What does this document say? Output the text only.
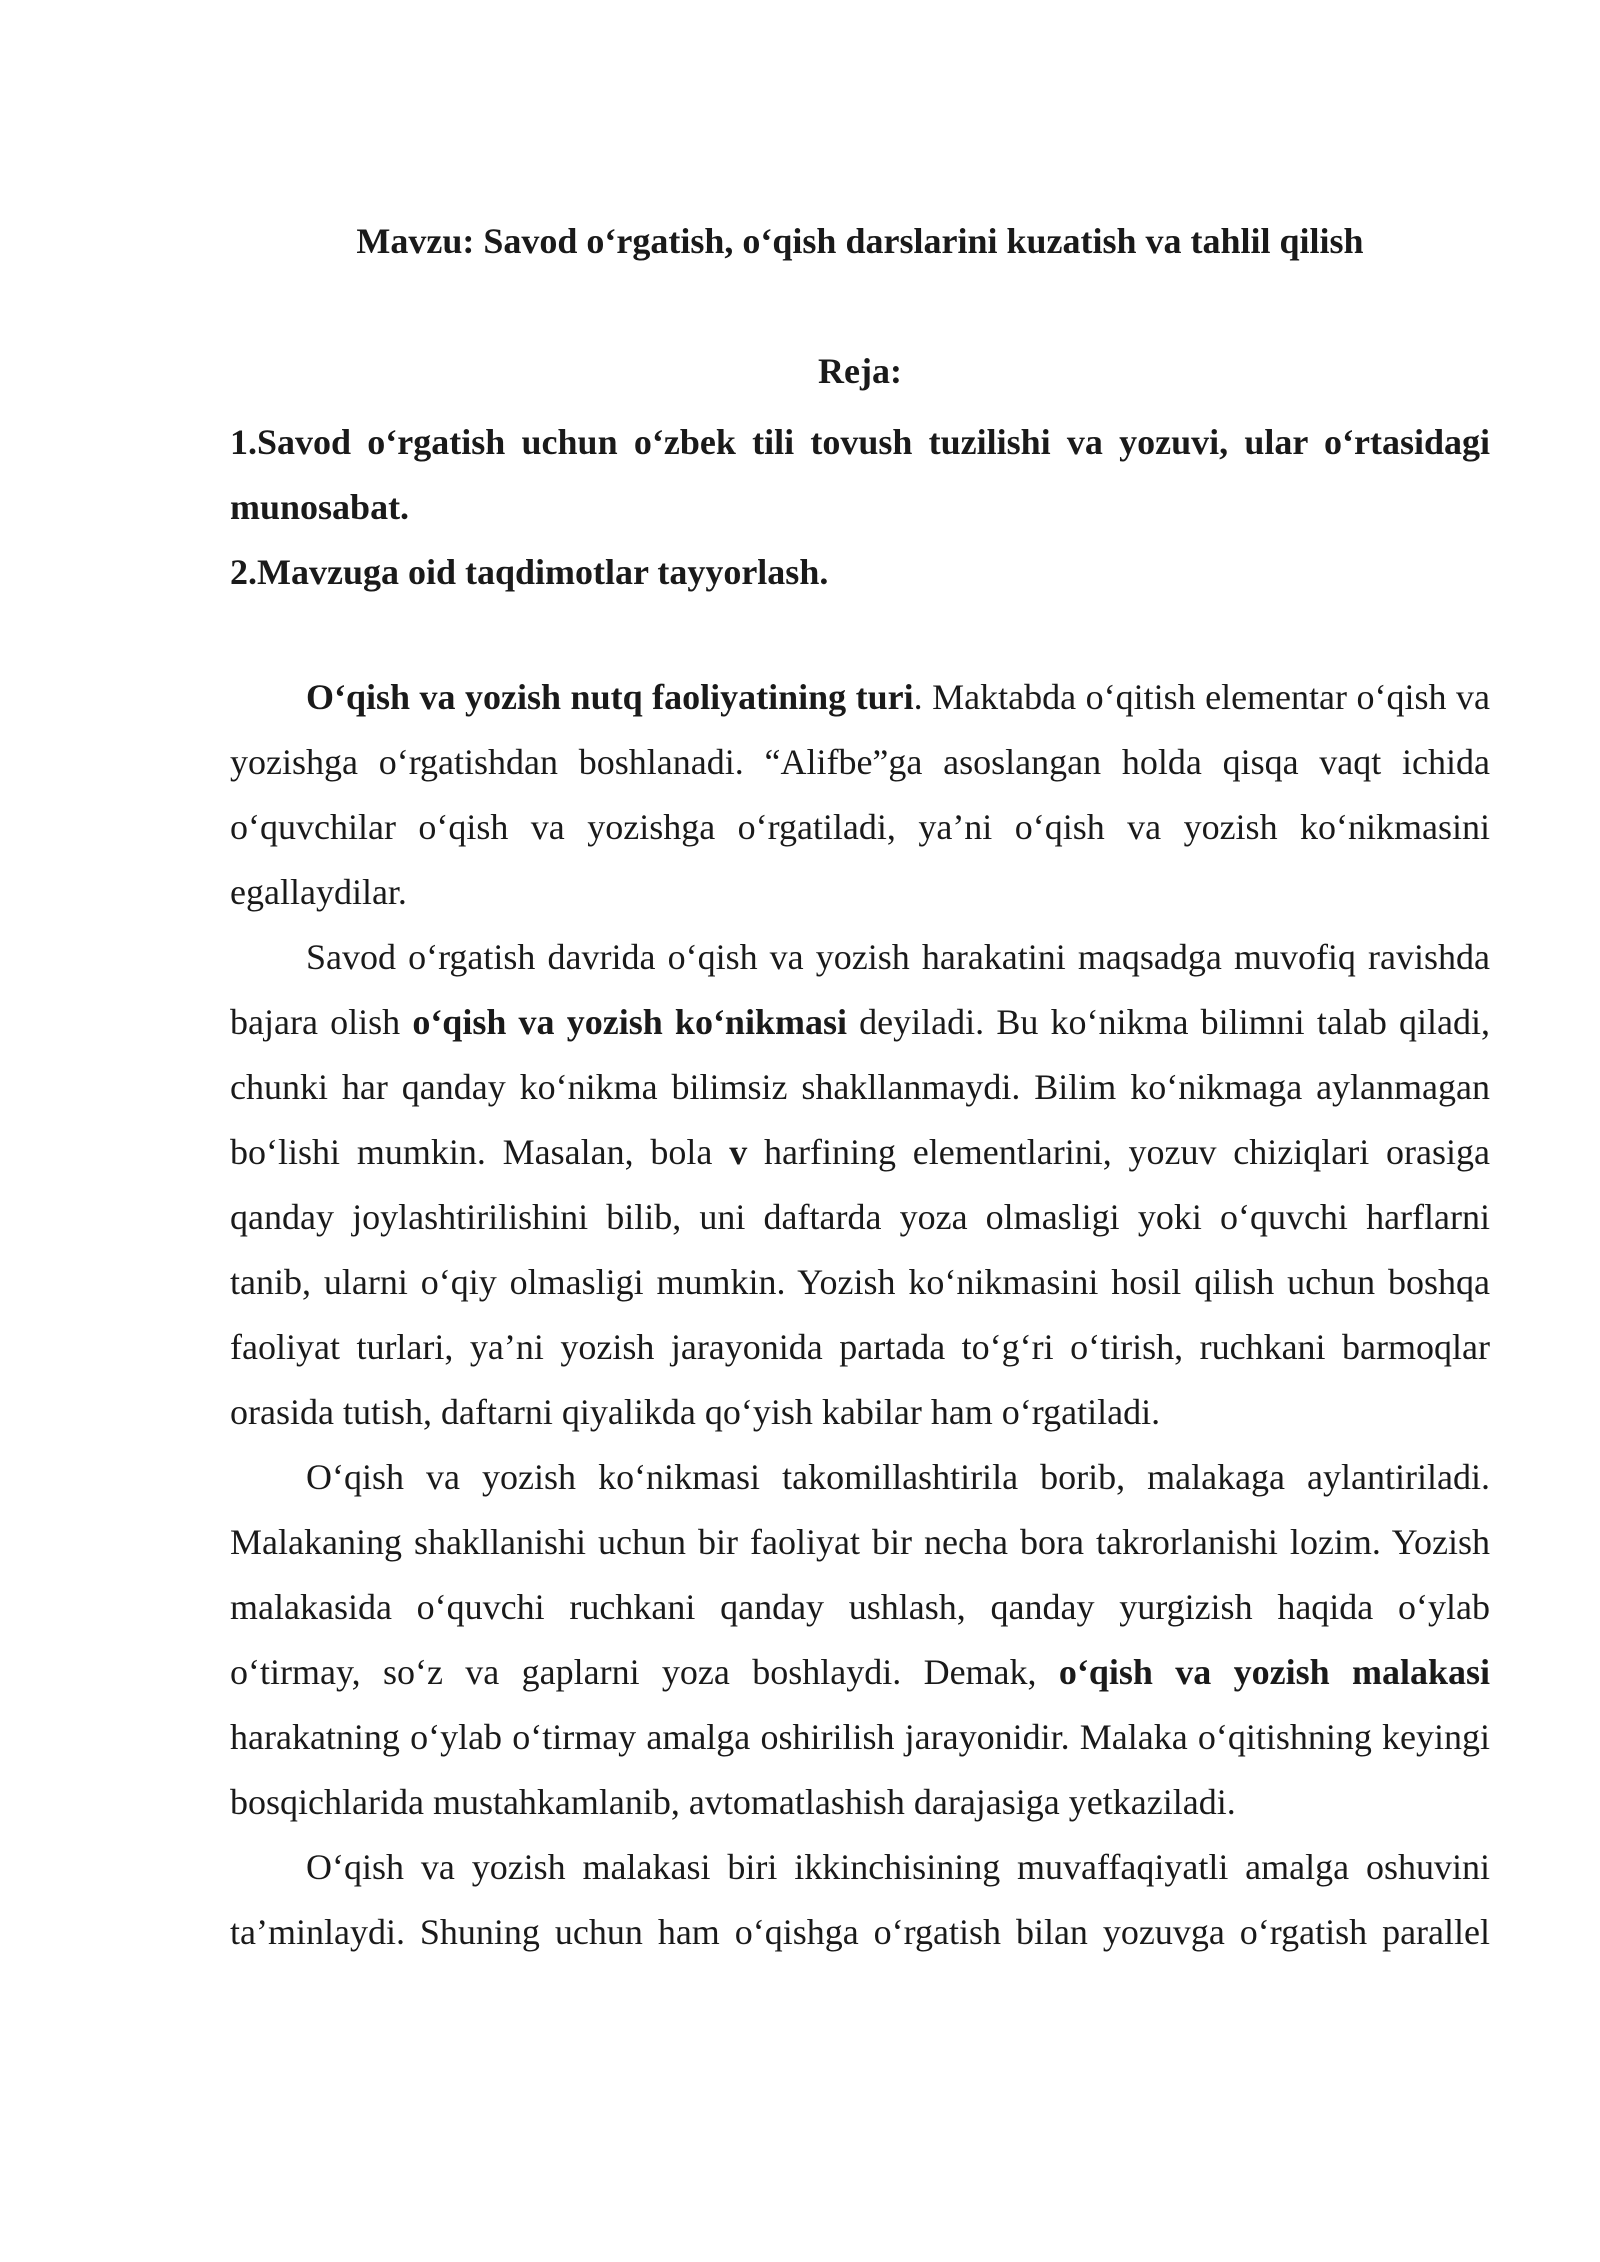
Mavzu: Savod o‘rgatish, o‘qish darslarini kuzatish va tahlil qilish
Reja:
1.Savod o‘rgatish uchun o‘zbek tili tovush tuzilishi va yozuvi, ular o‘rtasidagi munosabat.
2.Mavzuga oid taqdimotlar tayyorlash.

O‘qish va yozish nutq faoliyatining turi. Maktabda o‘qitish elementar o‘qish va yozishga o‘rgatishdan boshlanadi. “Alifbe”ga asoslangan holda qisqa vaqt ichida o‘quvchilar o‘qish va yozishga o‘rgatiladi, ya’ni o‘qish va yozish ko‘nikmasini egallaydilar.

Savod o‘rgatish davrida o‘qish va yozish harakatini maqsadga muvofiq ravishda bajara olish o‘qish va yozish ko‘nikmasi deyiladi. Bu ko‘nikma bilimni talab qiladi, chunki har qanday ko‘nikma bilimsiz shakllanmaydi. Bilim ko‘nikmaga aylanmagan bo‘lishi mumkin. Masalan, bola v harfining elementlarini, yozuv chiziqlari orasiga qanday joylashtirilishini bilib, uni daftarda yoza olmasligi yoki o‘quvchi harflarni tanib, ularni o‘qiy olmasligi mumkin. Yozish ko‘nikmasini hosil qilish uchun boshqa faoliyat turlari, ya’ni yozish jarayonida partada to‘g‘ri o‘tirish, ruchkani barmoqlar orasida tutish, daftarni qiyalikda qo‘yish kabilar ham o‘rgatiladi.

O‘qish va yozish ko‘nikmasi takomillashtirila borib, malakaga aylantiriladi. Malakaning shakllanishi uchun bir faoliyat bir necha bora takrorlanishi lozim. Yozish malakasida o‘quvchi ruchkani qanday ushlash, qanday yurgizish haqida o‘ylab o‘tirmay, so‘z va gaplarni yoza boshlaydi. Demak, o‘qish va yozish malakasi harakatning o‘ylab o‘tirmay amalga oshirilish jarayonidir. Malaka o‘qitishning keyingi bosqichlarida mustahkamlanib, avtomatlashish darajasiga yetkaziladi.

O‘qish va yozish malakasi biri ikkinchisining muvaffaqiyatli amalga oshuvini ta’minlaydi. Shuning uchun ham o‘qishga o‘rgatish bilan yozuvga o‘rgatish parallel
